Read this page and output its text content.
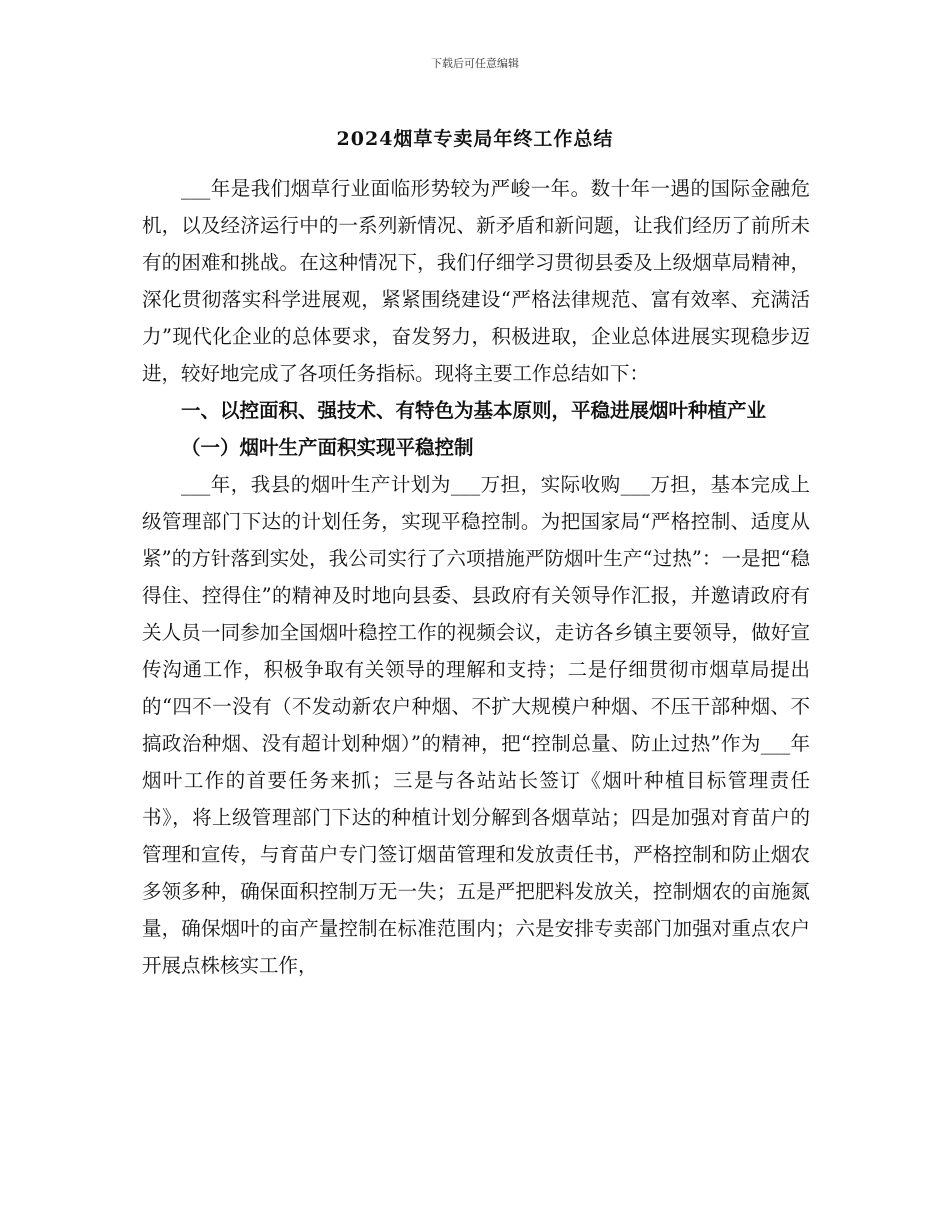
下载后可任意编辑
2024烟草专卖局年终工作总结

___年是我们烟草行业面临形势较为严峻一年。数十年一遇的国际金融危机，以及经济运行中的一系列新情况、新矛盾和新问题，让我们经历了前所未有的困难和挑战。在这种情况下，我们仔细学习贯彻县委及上级烟草局精神，深化贯彻落实科学进展观，紧紧围绕建设“严格法律规范、富有效率、充满活力”现代化企业的总体要求，奋发努力，积极进取，企业总体进展实现稳步迈进，较好地完成了各项任务指标。现将主要工作总结如下：

一、以控面积、强技术、有特色为基本原则，平稳进展烟叶种植产业

（一）烟叶生产面积实现平稳控制

___年，我县的烟叶生产计划为___万担，实际收购___万担，基本完成上级管理部门下达的计划任务，实现平稳控制。为把国家局“严格控制、适度从紧”的方针落到实处，我公司实行了六项措施严防烟叶生产“过热”：一是把“稳得住、控得住”的精神及时地向县委、县政府有关领导作汇报，并邀请政府有关人员一同参加全国烟叶稳控工作的视频会议，走访各乡镇主要领导，做好宣传沟通工作，积极争取有关领导的理解和支持；二是仔细贯彻市烟草局提出的“四不一没有（不发动新农户种烟、不扩大规模户种烟、不压干部种烟、不搞政治种烟、没有超计划种烟）”的精神，把“控制总量、防止过热”作为___年烟叶工作的首要任务来抓；三是与各站站长签订《烟叶种植目标管理责任书》，将上级管理部门下达的种植计划分解到各烟草站；四是加强对育苗户的管理和宣传，与育苗户专门签订烟苗管理和发放责任书，严格控制和防止烟农多领多种，确保面积控制万无一失；五是严把肥料发放关，控制烟农的亩施氮量，确保烟叶的亩产量控制在标准范围内；六是安排专卖部门加强对重点农户开展点株核实工作，
